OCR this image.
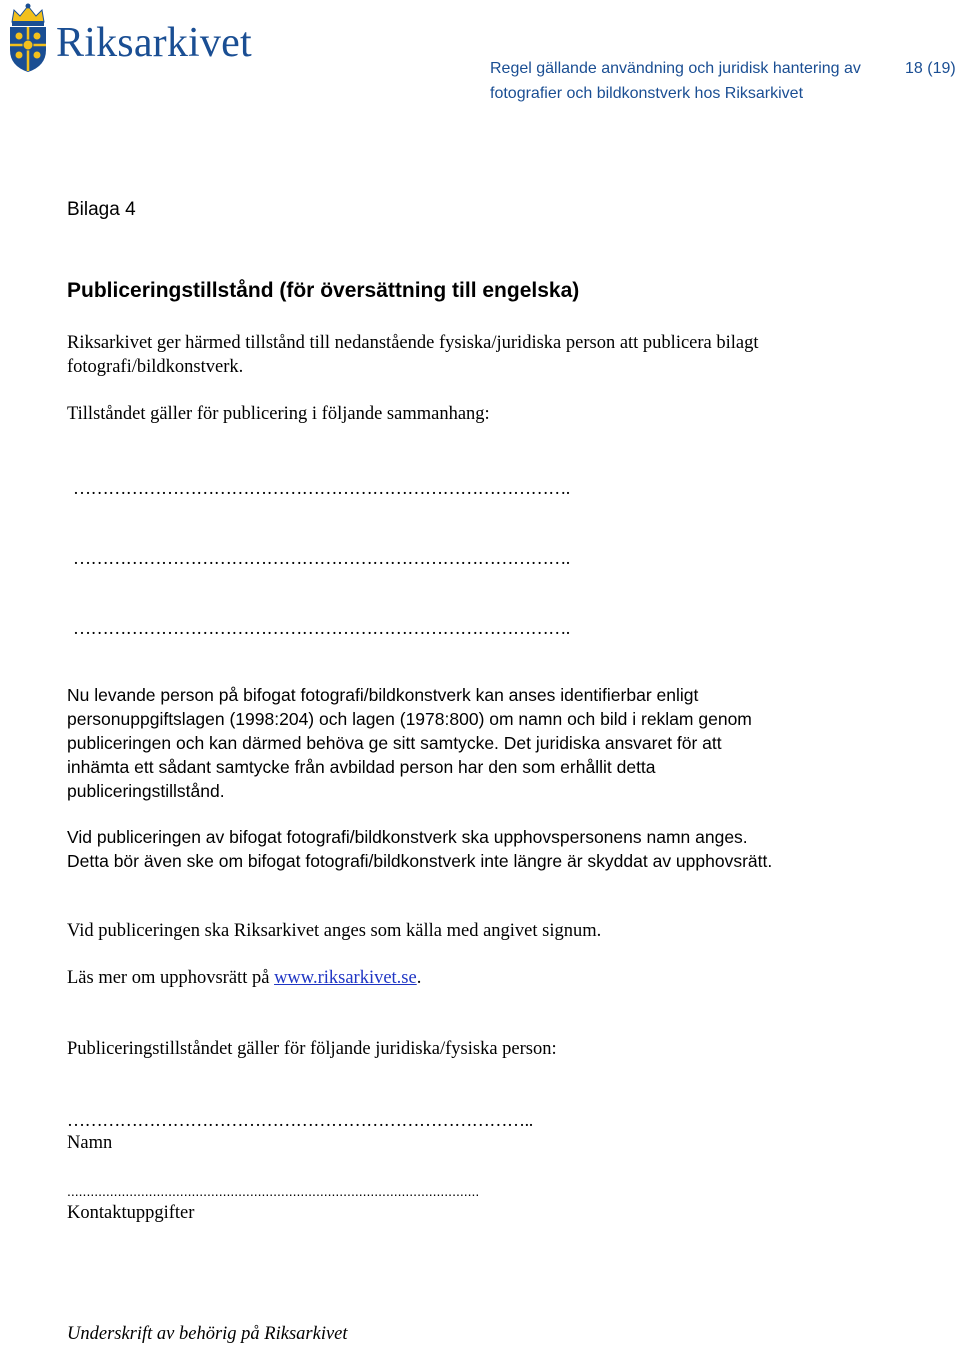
Riksarkivet
Regel gällande användning och juridisk hantering av fotografier och bildkonstverk hos Riksarkivet
18 (19)
Bilaga 4
Publiceringstillstånd (för översättning till engelska)
Riksarkivet ger härmed tillstånd till nedanstående fysiska/juridiska person att publicera bilagt fotografi/bildkonstverk.
Tillståndet gäller för publicering i följande sammanhang:
………………………………………………………………………….
………………………………………………………………………….
………………………………………………………………………….
Nu levande person på bifogat fotografi/bildkonstverk kan anses identifierbar enligt personuppgiftslagen (1998:204) och lagen (1978:800) om namn och bild i reklam genom publiceringen och kan därmed behöva ge sitt samtycke. Det juridiska ansvaret för att inhämta ett sådant samtycke från avbildad person har den som erhållit detta publiceringstillstånd.
Vid publiceringen av bifogat fotografi/bildkonstverk ska upphovspersonens namn anges. Detta bör även ske om bifogat fotografi/bildkonstverk inte längre är skyddat av upphovsrätt.
Vid publiceringen ska Riksarkivet anges som källa med angivet signum.
Läs mer om upphovsrätt på www.riksarkivet.se.
Publiceringstillståndet gäller för följande juridiska/fysiska person:
……………………………………………………………………..
Namn
..........................................................................................................
Kontaktuppgifter
Underskrift av behörig på Riksarkivet
